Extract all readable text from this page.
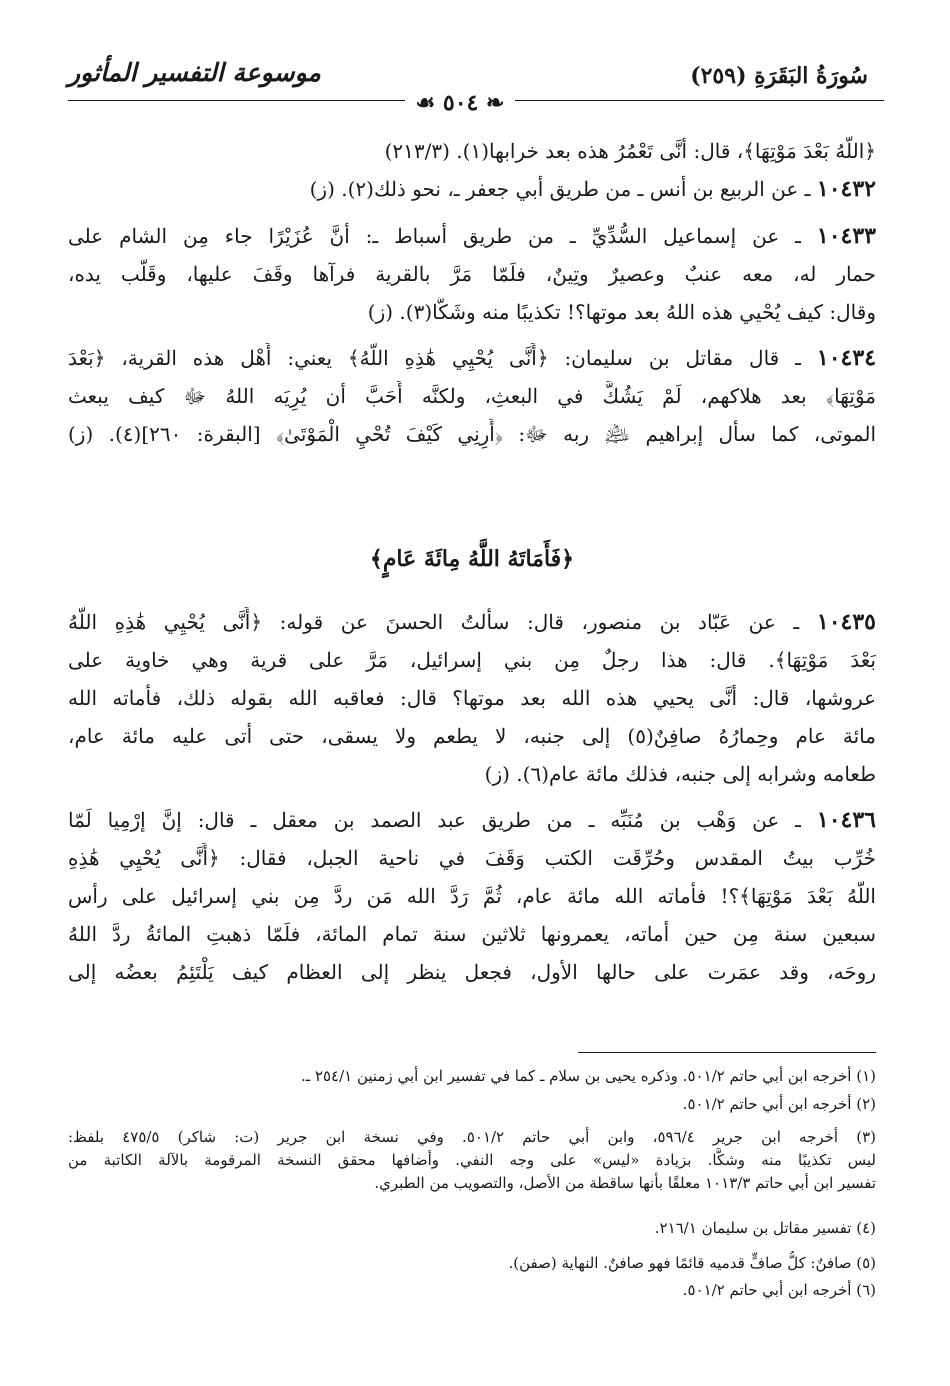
سُورَةُ البَقَرَةِ (٢٥٩)
موسوعة التفسير المأثور
❧ ٥٠٤ ☙
﴿اللَّهُ بَعْدَ مَوْتِهَا﴾، قال: أنَّى تَعْمُرُ هذه بعد خرابها(١). (٢١٣/٣)
١٠٤٣٢ ـ عن الربيع بن أنس ـ من طريق أبي جعفر ـ، نحو ذلك(٢). (ز)
١٠٤٣٣ ـ عن إسماعيل السُّدِّيِّ ـ من طريق أسباط ـ: أنَّ عُزَيْرًا جاء مِن الشام على
حمار له، معه عنبٌ وعصيرٌ وتِينٌ، فلَمّا مَرَّ بالقرية فرآها وقَفَ عليها، وقَلَّب يده،
وقال: كيف يُحْيي هذه اللهُ بعد موتها؟! تكذيبًا منه وشَكًّا(٣). (ز)
١٠٤٣٤ ـ قال مقاتل بن سليمان: ﴿أَنَّى يُحْيِي هَٰذِهِ اللَّهُ﴾ يعني: أَهْل هذه القرية، ﴿بَعْدَ
مَوْتِهَا﴾ بعد هلاكهم، لَمْ يَشُكَّ في البعثِ، ولكنَّه أَحَبَّ أن يُرِيَه اللهُ ﷻ كيف يبعث
الموتى، كما سأل إبراهيم ﵇ ربه ﷻ: ﴿أَرِنِي كَيْفَ تُحْيِ الْمَوْتَىٰ﴾ [البقرة: ٢٦٠](٤). (ز)
١٠٤٣٥ ـ عن عَبّاد بن منصور، قال: سألتُ الحسنَ عن قوله: ﴿أَنَّى يُحْيِي هَٰذِهِ اللَّهُ
بَعْدَ مَوْتِهَا﴾. قال: هذا رجلٌ مِن بني إسرائيل، مَرَّ على قرية وهي خاوية على
عروشها، قال: أنَّى يحيي هذه الله بعد موتها؟ قال: فعاقبه الله بقوله ذلك، فأماته الله
مائة عام وحِمارُهُ صافِنٌ(٥) إلى جنبه، لا يطعم ولا يسقى، حتى أتى عليه مائة عام،
طعامه وشرابه إلى جنبه، فذلك مائة عام(٦). (ز)
١٠٤٣٦ ـ عن وَهْب بن مُنَبِّه ـ من طريق عبد الصمد بن معقل ـ قال: إنَّ إرْمِيا لَمّا
خُرِّب بيتُ المقدس وحُرِّقَت الكتب وَقَفَ في ناحية الجبل، فقال: ﴿أَنَّى يُحْيِي هَٰذِهِ
اللَّهُ بَعْدَ مَوْتِهَا﴾؟! فأماته الله مائة عام، ثُمَّ رَدَّ الله مَن ردَّ مِن بني إسرائيل على رأس
سبعين سنة مِن حين أماته، يعمرونها ثلاثين سنة تمام المائة، فلَمّا ذهبتِ المائةُ ردَّ اللهُ
روحَه، وقد عمَرت على حالها الأول، فجعل ينظر إلى العظام كيف يَلْتَئِمُ بعضُه إلى
﴿فَأَمَاتَهُ اللَّهُ مِائَةَ عَامٍ﴾
(١) أخرجه ابن أبي حاتم ٥٠١/٢. وذكره يحيى بن سلام ـ كما في تفسير ابن أبي زمنين ٢٥٤/١ ـ.
(٢) أخرجه ابن أبي حاتم ٥٠١/٢.
(٣) أخرجه ابن جرير ٥٩٦/٤، وابن أبي حاتم ٥٠١/٢. وفي نسخة ابن جرير (ت: شاكر) ٤٧٥/٥ بلفظ:
ليس تكذيبًا منه وشكًّا. بزيادة «ليس» على وجه النفي. وأضافها محقق النسخة المرقومة بالآلة الكاتبة من
تفسير ابن أبي حاتم ١٠١٣/٣ معلقًا بأنها ساقطة من الأصل، والتصويب من الطبري.
(٤) تفسير مقاتل بن سليمان ٢١٦/١.
(٥) صافنٌ: كلُّ صافٍّ قدميه قائمًا فهو صافنٌ. النهاية (صفن).
(٦) أخرجه ابن أبي حاتم ٥٠١/٢.
